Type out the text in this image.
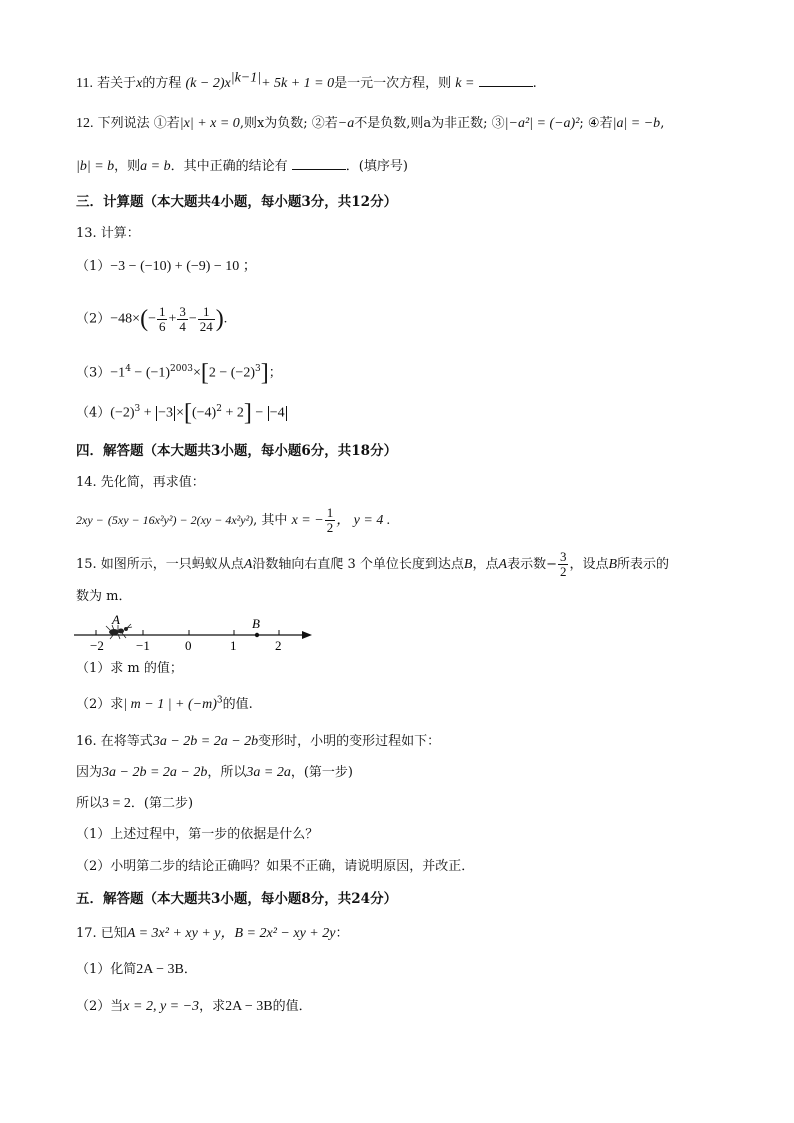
11. 若关于x的方程 $(k - 2)x^{|k-1|}+ 5k + 1 = 0$是一元一次方程，则 k =	.
12. 下列说法 ①若|x| + x = 0,则x为负数; ②若−a不是负数,则a为非正数; ③|−a²| = (−a)²; ④若|a| = −b,
|b| = b，则a = b．其中正确的结论有	．(填序号)
三．计算题（本大题共4小题，每小题3分，共12分）
13. 计算：
（1）−3 − (−10) + (−9) − 10 ；
$(2)-48\times(- \frac{1}{6} + \frac{3}{4} - \frac{1}{24}$ ).
$(3)-1^4 - (-1)^{2003}\times[2 - (-2)^3]$；
$(4)(-2)^3 + -3 \times[(-4)^2 + 2] - -4$
四．解答题（本大题共3小题，每小题6分，共18分）
14. 先化简，再求值：
2xy − (5xy − 16x²y²) − 2(xy − 4x²y²), 其中 x = − $\frac{1}{2}$ ， y = 4 .
15. 如图所示，一只蚂蚁从点A沿数轴向右直爬 3 个单位长度到达点B，点A表示数− $\frac{3}{2}$ ，设点B所表示的
数为 m．
−2 −1	0	1	2
A	B
（1）求 m 的值；
（2）求| m − 1 | + $(-m)^3$的值.
16. 在将等式3a − 2b = 2a − 2b变形时，小明的变形过程如下：
因为3a − 2b = 2a − 2b，所以3a = 2a，(第一步)
所以3 = 2．(第二步)
（1）上述过程中，第一步的依据是什么？
（2）小明第二步的结论正确吗？如果不正确，请说明原因，并改正．
五．解答题（本大题共3小题，每小题8分，共24分）
17. 已知A = 3x² + xy + y，B = 2x² − xy + 2y：
（1）化简2A − 3B．
（2）当x = 2, y = −3，求2A − 3B的值．
